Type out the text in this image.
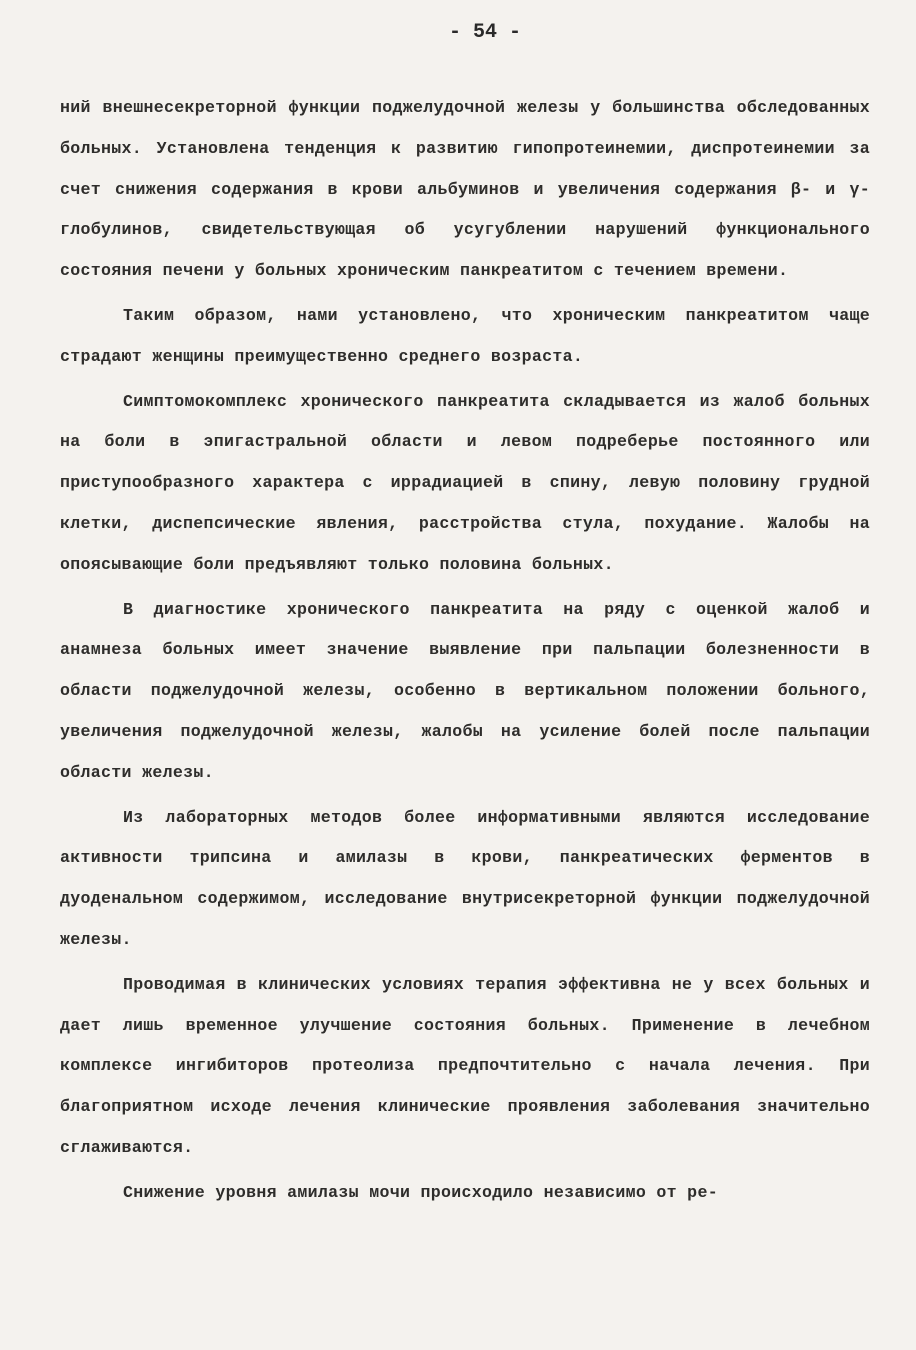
- 54 -

ний внешнесекреторной функции поджелудочной железы у большинства обследованных больных. Установлена тенденция к развитию гипопротеинемии, диспротеинемии за счет снижения содержания в крови альбуминов и увеличения содержания β- и γ-глобулинов, свидетельствующая об усугублении нарушений функционального состояния печени у больных хроническим панкреатитом с течением времени.

Таким образом, нами установлено, что хроническим панкреатитом чаще страдают женщины преимущественно среднего возраста.

Симптомокомплекс хронического панкреатита складывается из жалоб больных на боли в эпигастральной области и левом подреберье постоянного или приступообразного характера с иррадиацией в спину, левую половину грудной клетки, диспепсические явления, расстройства стула, похудание. Жалобы на опоясывающие боли предъявляют только половина больных.

В диагностике хронического панкреатита на ряду с оценкой жалоб и анамнеза больных имеет значение выявление при пальпации болезненности в области поджелудочной железы, особенно в вертикальном положении больного, увеличения поджелудочной железы, жалобы на усиление болей после пальпации области железы.

Из лабораторных методов более информативными являются исследование активности трипсина и амилазы в крови, панкреатических ферментов в дуоденальном содержимом, исследование внутрисекреторной функции поджелудочной железы.

Проводимая в клинических условиях терапия эффективна не у всех больных и дает лишь временное улучшение состояния больных. Применение в лечебном комплексе ингибиторов протеолиза предпочтительно с начала лечения. При благоприятном исходе лечения клинические проявления заболевания значительно сглаживаются.

Снижение уровня амилазы мочи происходило независимо от ре-
